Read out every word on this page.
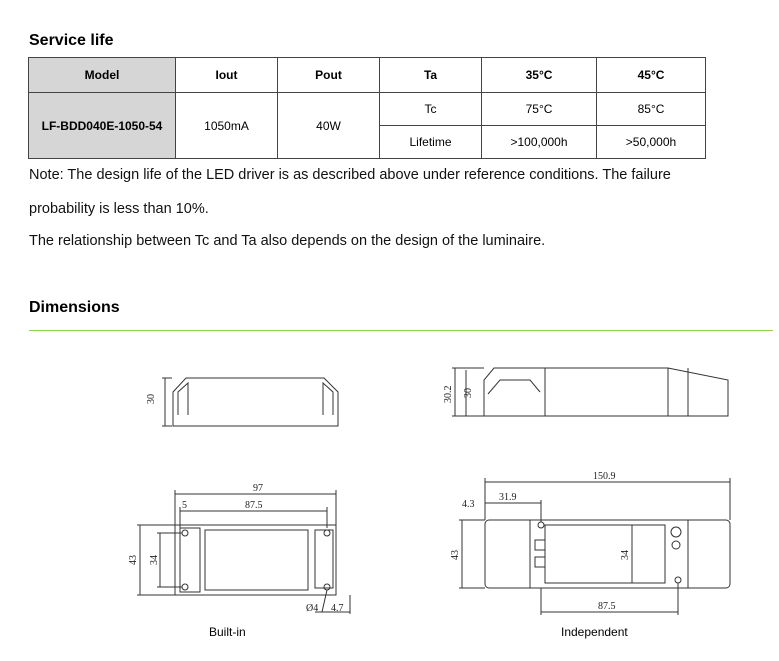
Service life
Model	Iout	Pout	Ta	35°C	45°C
LF-BDD040E-1050-54	1050mA	40W	Tc	75°C	85°C
			Lifetime	>100,000h	>50,000h
Note: The design life of the LED driver is as described above under reference conditions. The failure
probability is less than 10%.
The relationship between Tc and Ta also depends on the design of the luminaire.
Dimensions
30
97
87.5
5
43 34
Ø4 4.7
30.2 30
150.9
4.3
31.9
43	34
87.5
Built-in	Independent
